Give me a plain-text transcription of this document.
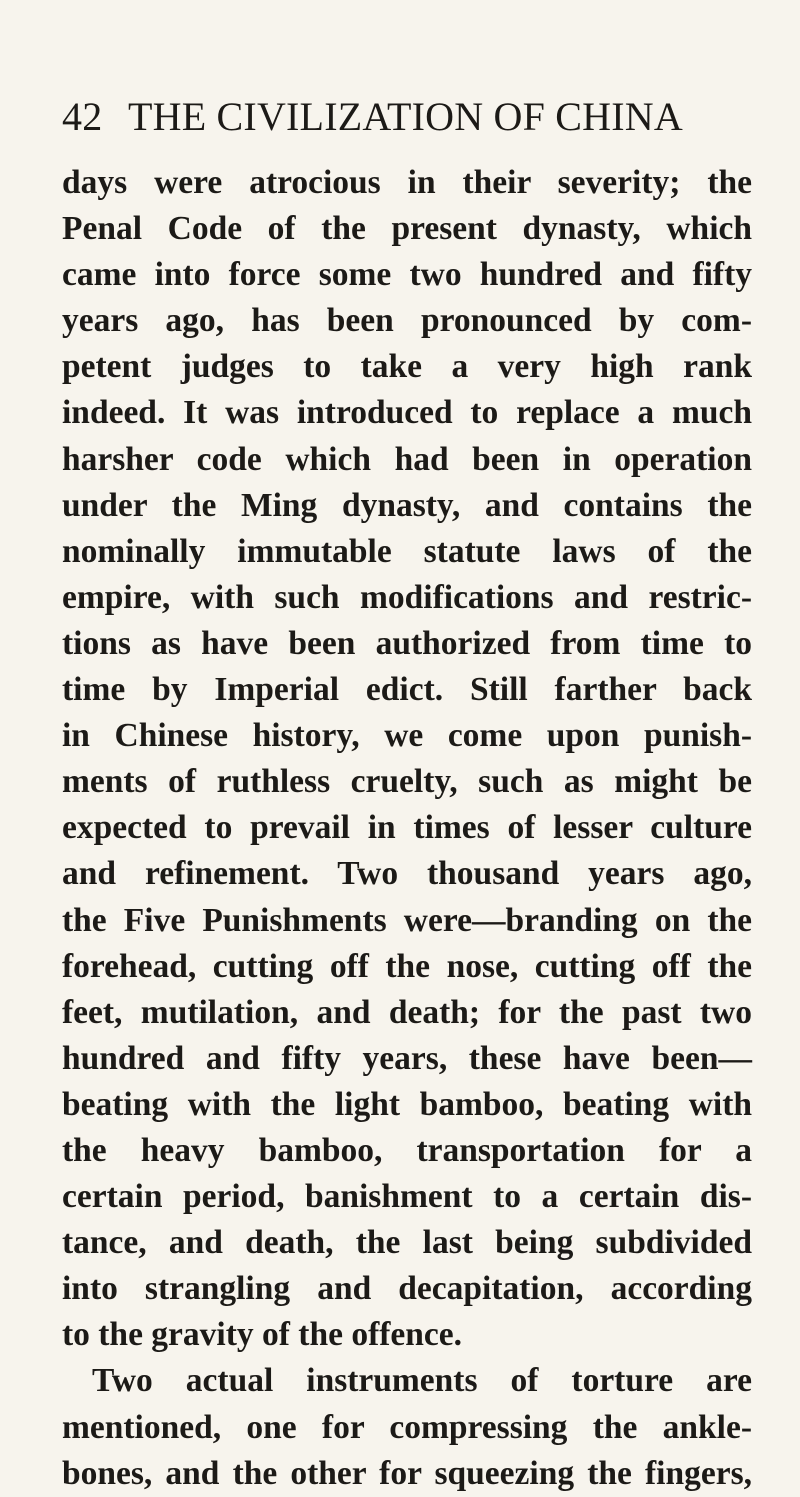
42 THE CIVILIZATION OF CHINA
days were atrocious in their severity; the
Penal Code of the present dynasty, which
came into force some two hundred and fifty
years ago, has been pronounced by com-
petent judges to take a very high rank
indeed. It was introduced to replace a much
harsher code which had been in operation
under the Ming dynasty, and contains the
nominally immutable statute laws of the
empire, with such modifications and restric-
tions as have been authorized from time to
time by Imperial edict. Still farther back
in Chinese history, we come upon punish-
ments of ruthless cruelty, such as might be
expected to prevail in times of lesser culture
and refinement. Two thousand years ago,
the Five Punishments were—branding on the
forehead, cutting off the nose, cutting off the
feet, mutilation, and death; for the past two
hundred and fifty years, these have been—
beating with the light bamboo, beating with
the heavy bamboo, transportation for a
certain period, banishment to a certain dis-
tance, and death, the last being subdivided
into strangling and decapitation, according
to the gravity of the offence.
Two actual instruments of torture are
mentioned, one for compressing the ankle-
bones, and the other for squeezing the fingers,
